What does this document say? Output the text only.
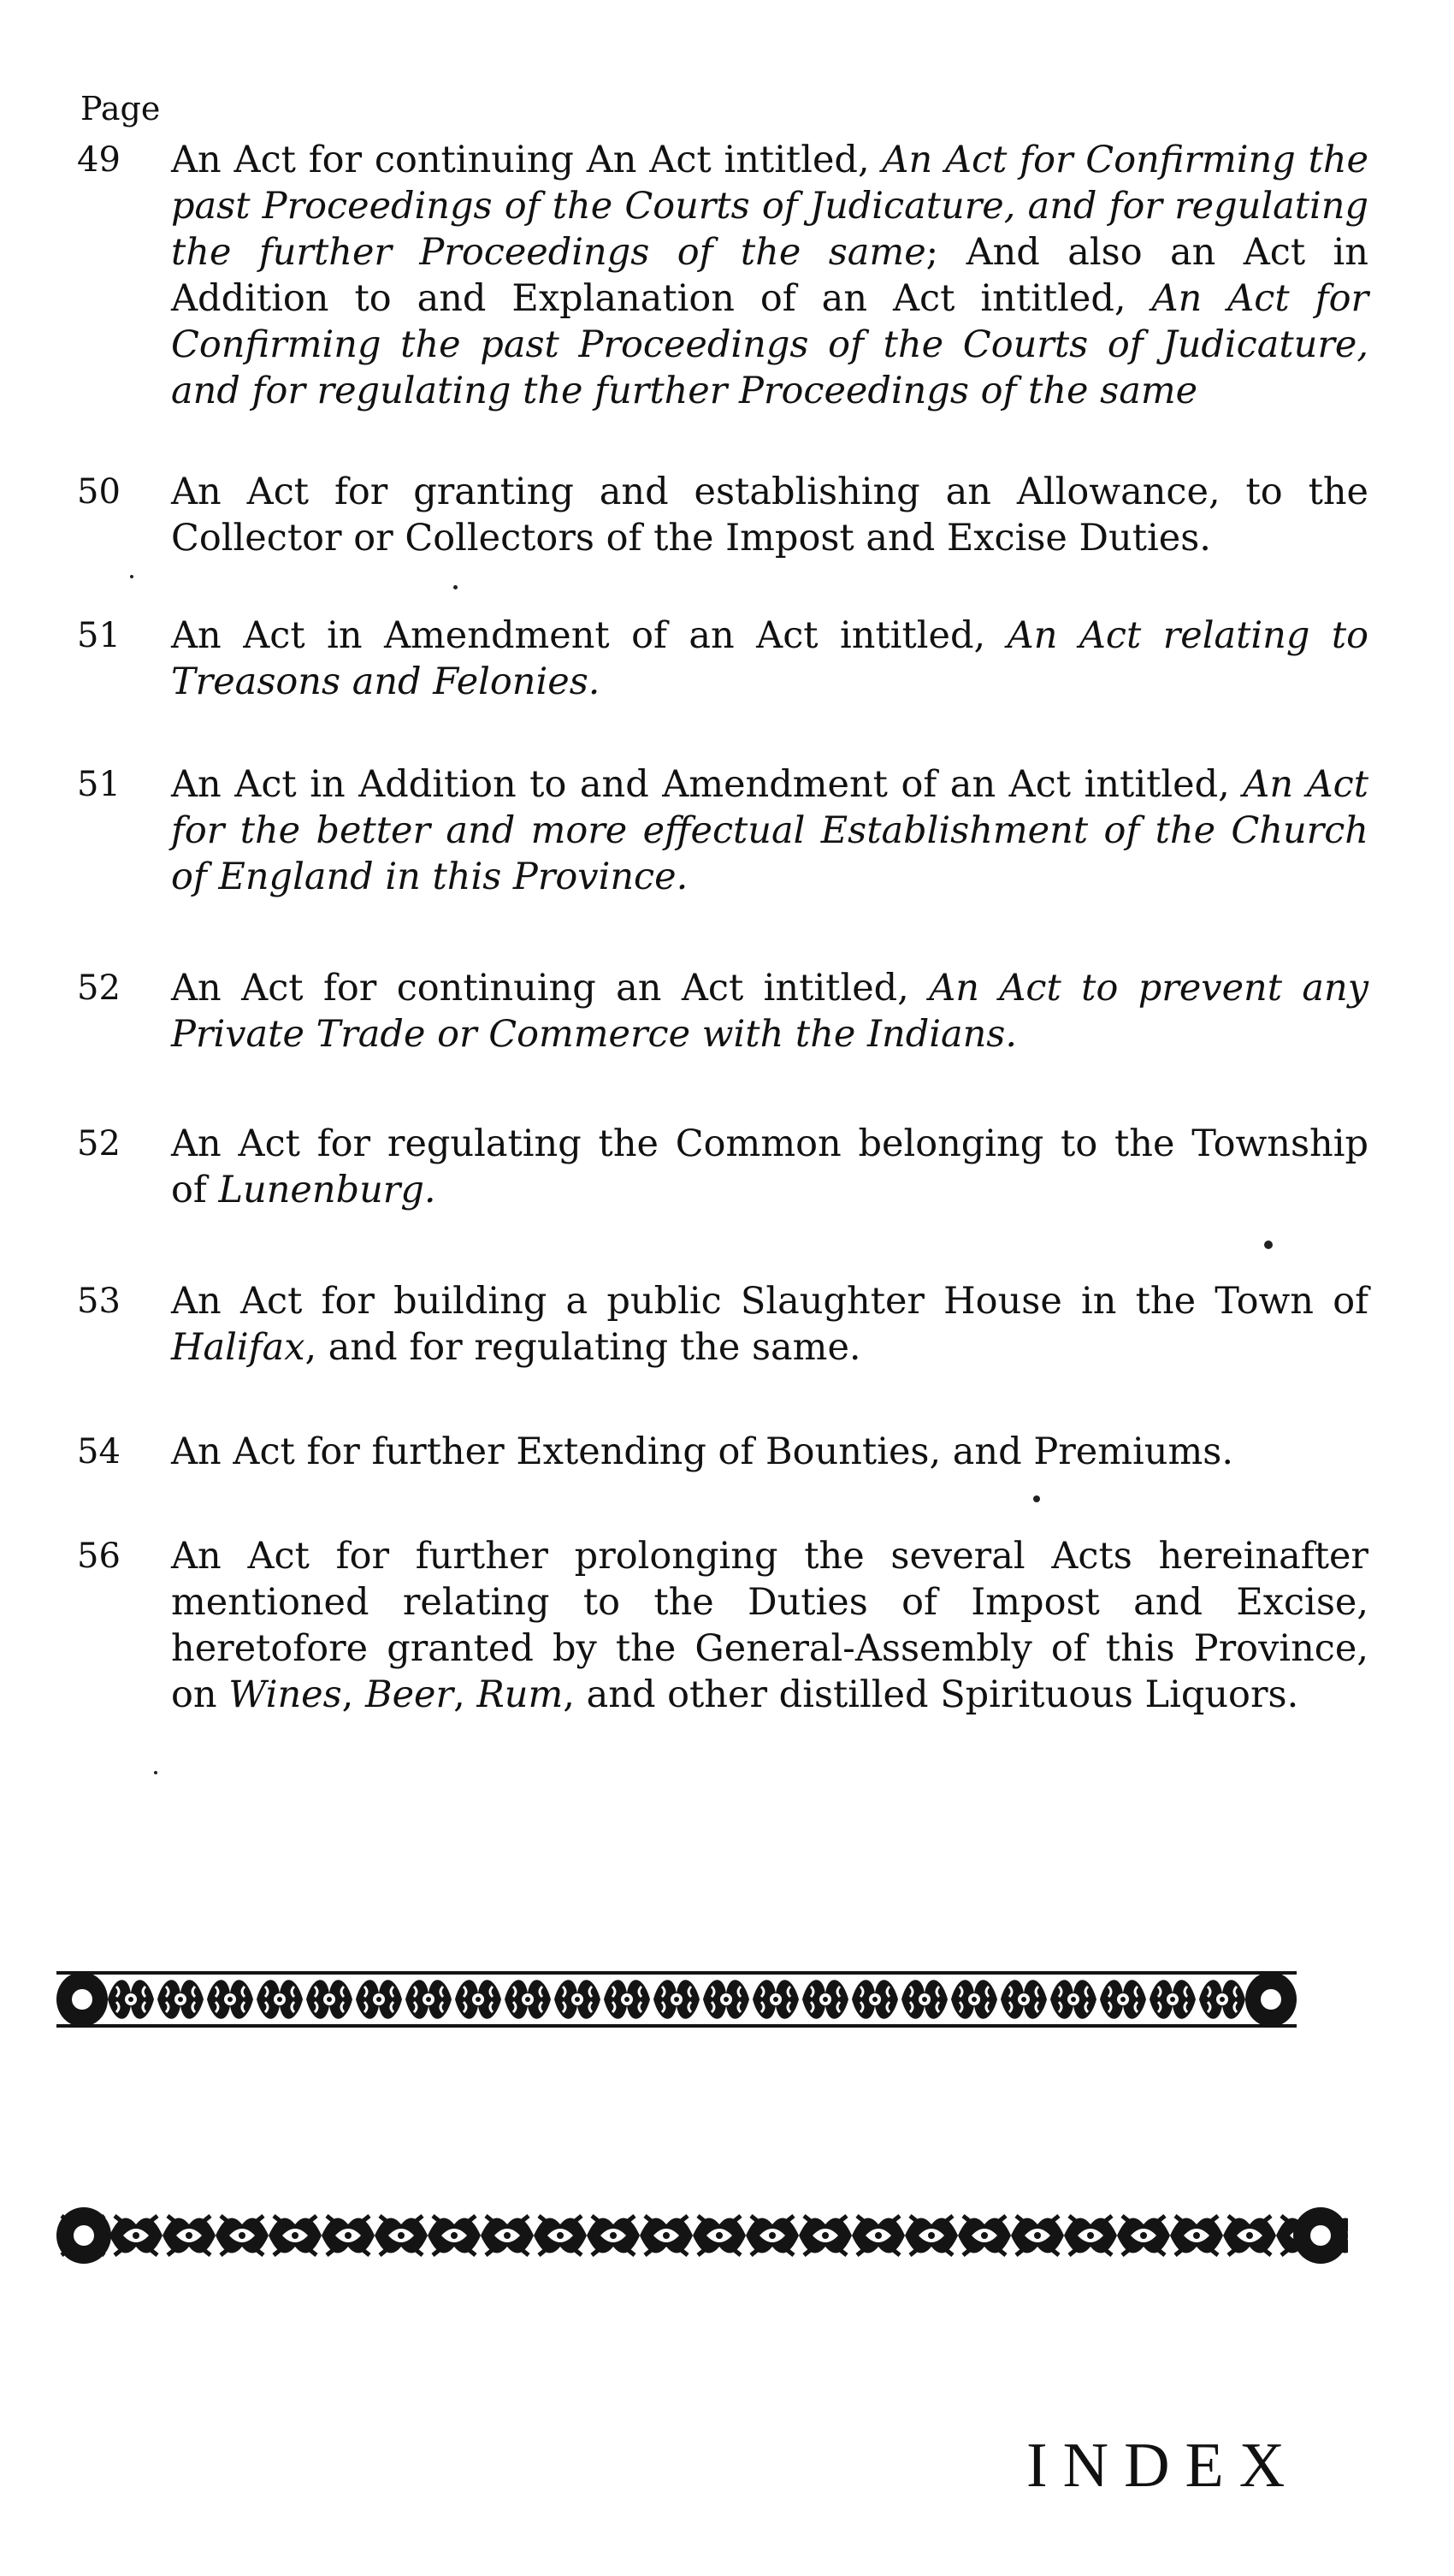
Page
49	An Act for continuing An Act intitled, An Act for Confirming the past Proceedings of the Courts of Judicature, and for regulating the further Proceedings of the same; And also an Act in Addition to and Explanation of an Act intitled, An Act for Confirming the past Proceedings of the Courts of Judicature, and for regulating the further Proceedings of the same
50	An Act for granting and establishing an Allowance, to the Collector or Collectors of the Impost and Excise Duties.
51	An Act in Amendment of an Act intitled, An Act relating to Treasons and Felonies.
51	An Act in Addition to and Amendment of an Act intitled, An Act for the better and more effectual Establishment of the Church of England in this Province.
52	An Act for continuing an Act intitled, An Act to prevent any Private Trade or Commerce with the Indians.
52	An Act for regulating the Common belonging to the Township of Lunenburg.
53	An Act for building a public Slaughter House in the Town of Halifax, and for regulating the same.
54	An Act for further Extending of Bounties, and Premiums.
56	An Act for further prolonging the several Acts hereinafter mentioned relating to the Duties of Impost and Excise, heretofore granted by the General-Assembly of this Province, on Wines, Beer, Rum, and other distilled Spirituous Liquors.
INDEX
